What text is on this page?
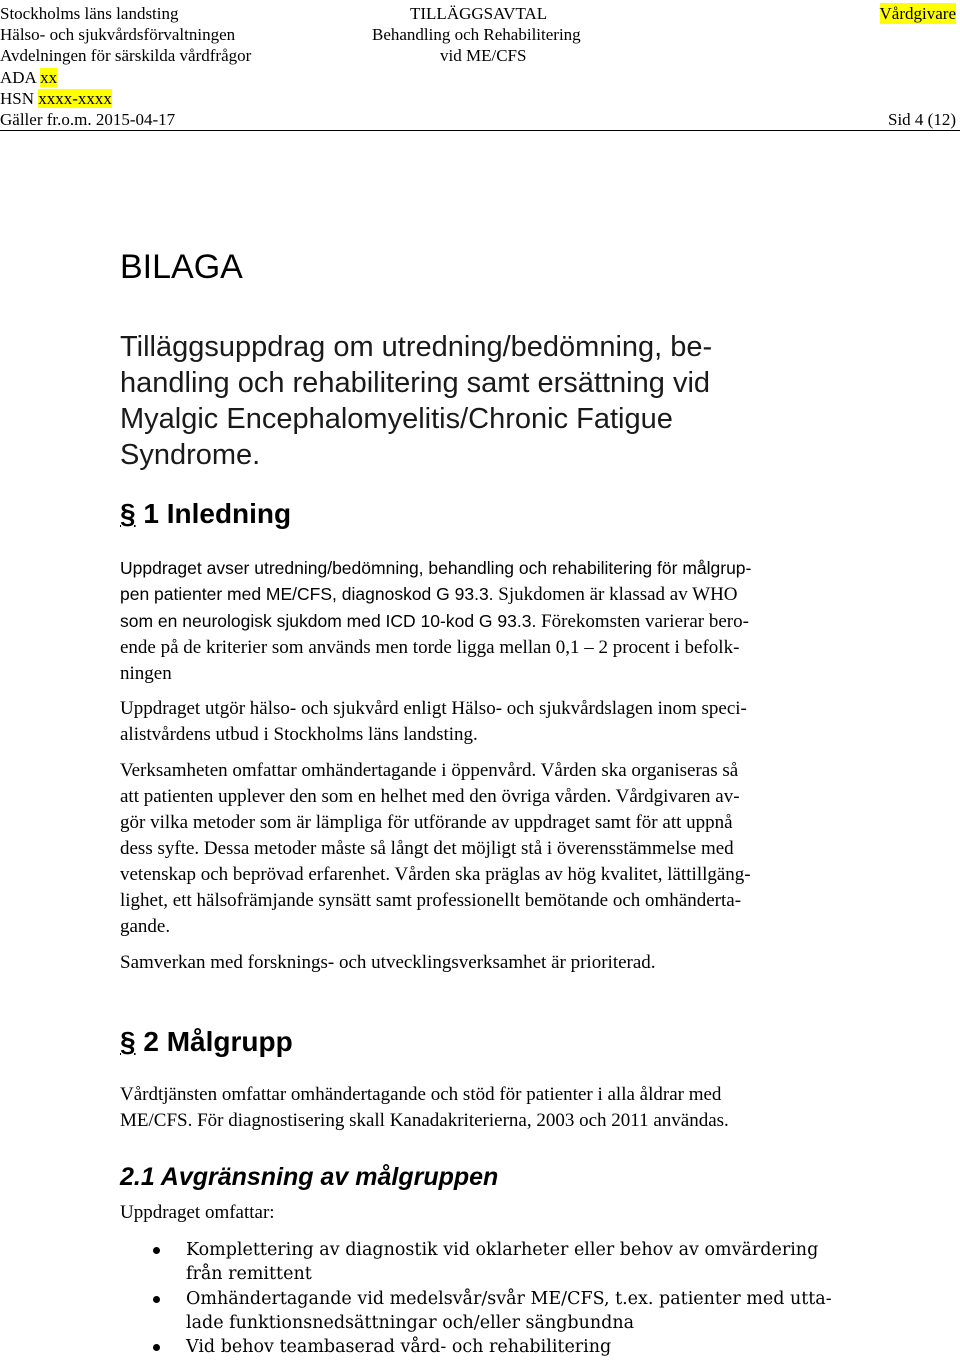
Stockholms läns landsting
Hälso- och sjukvårdsförvaltningen
Avdelningen för särskilda vårdfrågor
ADA xx
HSN xxxx-xxxx
Gäller fr.o.m. 2015-04-17
TILLÄGGSAVTAL
Behandling och Rehabilitering
vid ME/CFS
Vårdgivare
Sid 4 (12)
BILAGA
Tilläggsuppdrag om utredning/bedömning, be-
handling och rehabilitering samt ersättning vid
Myalgic Encephalomyelitis/Chronic Fatigue
Syndrome.
§ 1 Inledning
Uppdraget avser utredning/bedömning, behandling och rehabilitering för målgrup-
pen patienter med ME/CFS, diagnoskod G 93.3. Sjukdomen är klassad av WHO
som en neurologisk sjukdom med ICD 10-kod G 93.3. Förekomsten varierar bero-
ende på de kriterier som används men torde ligga mellan 0,1 – 2 procent i befolk-
ningen
Uppdraget utgör hälso- och sjukvård enligt Hälso- och sjukvårdslagen inom speci-
alistvårdens utbud i Stockholms läns landsting.
Verksamheten omfattar omhändertagande i öppenvård. Vården ska organiseras så
att patienten upplever den som en helhet med den övriga vården. Vårdgivaren av-
gör vilka metoder som är lämpliga för utförande av uppdraget samt för att uppnå
dess syfte. Dessa metoder måste så långt det möjligt stå i överensstämmelse med
vetenskap och beprövad erfarenhet. Vården ska präglas av hög kvalitet, lättillgäng-
lighet, ett hälsofrämjande synsätt samt professionellt bemötande och omhänderta-
gande.
Samverkan med forsknings- och utvecklingsverksamhet är prioriterad.
§ 2 Målgrupp
Vårdtjänsten omfattar omhändertagande och stöd för patienter i alla åldrar med
ME/CFS. För diagnostisering skall Kanadakriterierna, 2003 och 2011 användas.
2.1 Avgränsning av målgruppen
Uppdraget omfattar:
Komplettering av diagnostik vid oklarheter eller behov av omvärdering
från remittent
Omhändertagande vid medelsvår/svår ME/CFS, t.ex. patienter med utta-
lade funktionsnedsättningar och/eller sängbundna
Vid behov teambaserad vård- och rehabilitering
